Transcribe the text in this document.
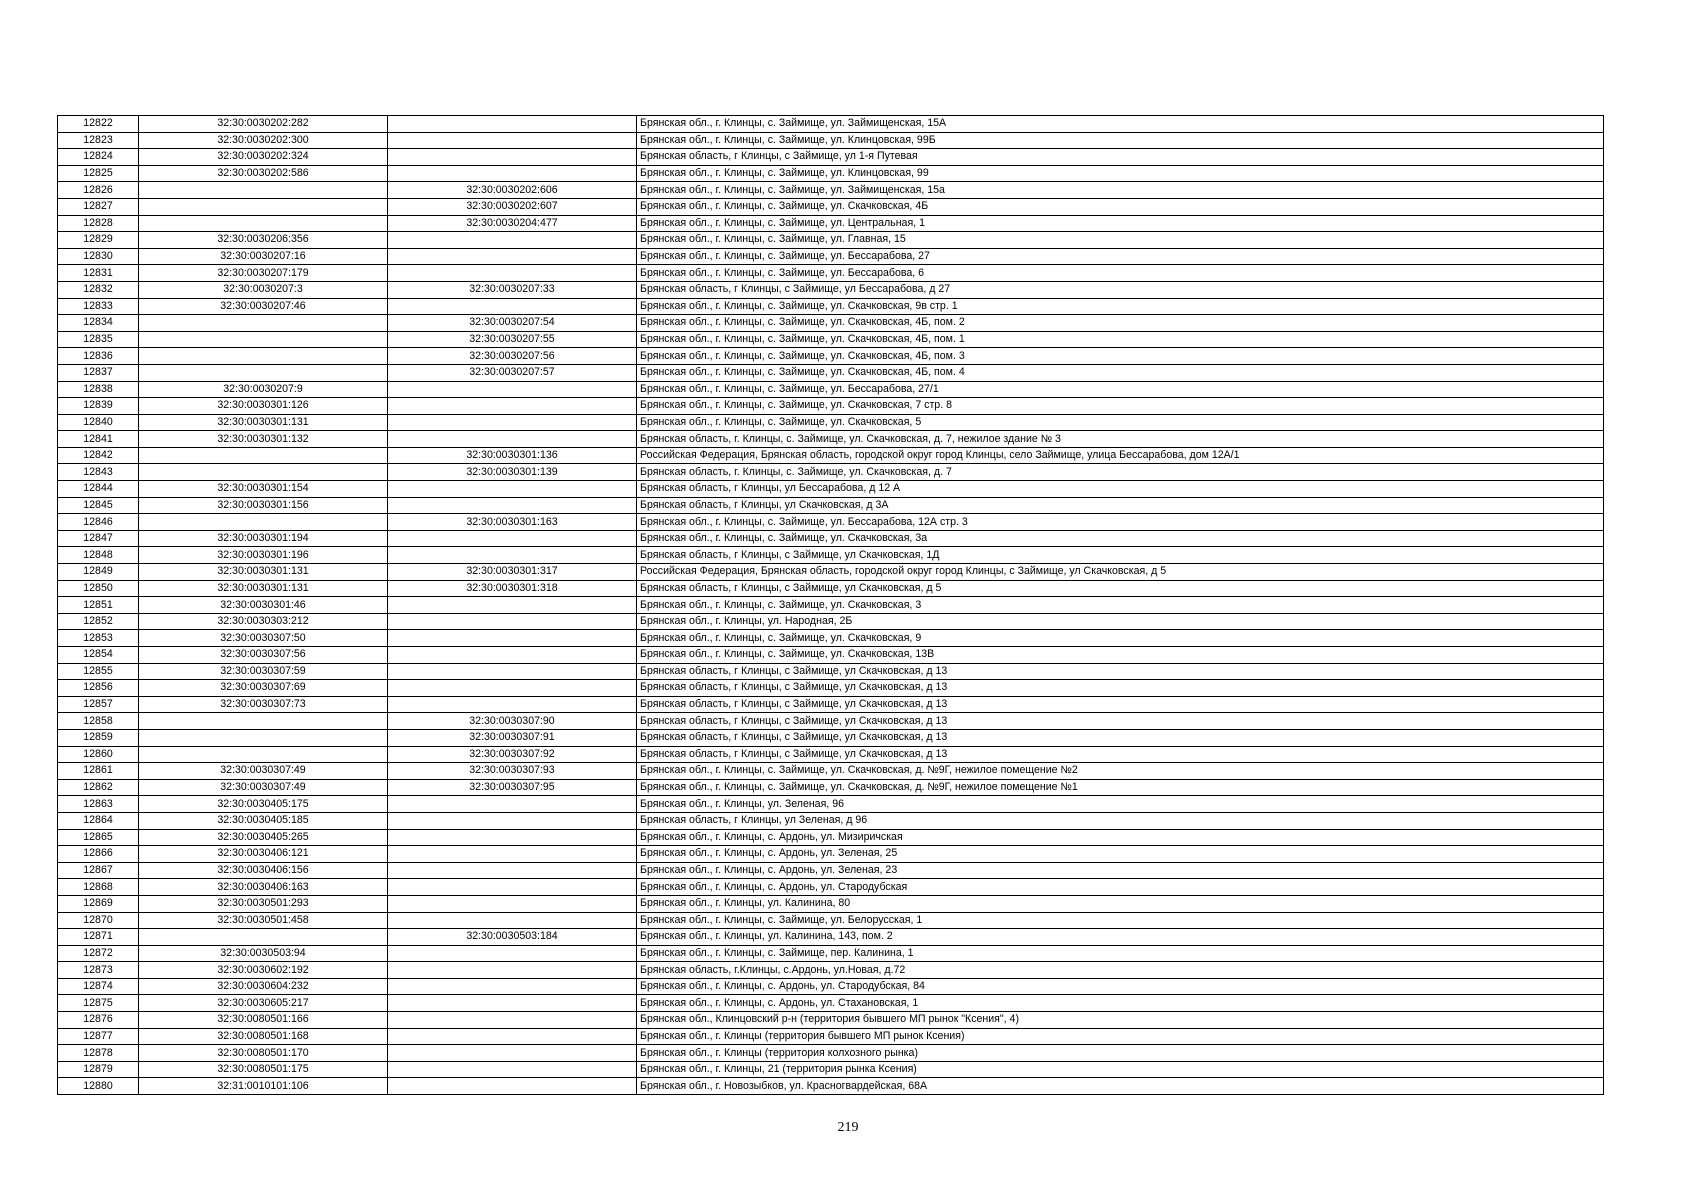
12822	32:30:0030202:282		Брянская обл., г. Клинцы, с. Займище, ул. Займищенская, 15А
12823	32:30:0030202:300		Брянская обл., г. Клинцы, с. Займище, ул. Клинцовская, 99Б
12824	32:30:0030202:324		Брянская область, г Клинцы, с Займище, ул 1-я Путевая
12825	32:30:0030202:586		Брянская обл., г. Клинцы, с. Займище, ул. Клинцовская, 99
12826		32:30:0030202:606	Брянская обл., г. Клинцы, с. Займище, ул. Займищенская, 15а
12827		32:30:0030202:607	Брянская обл., г. Клинцы, с. Займище, ул. Скачковская, 4Б
12828		32:30:0030204:477	Брянская обл., г. Клинцы, с. Займище, ул. Центральная, 1
12829	32:30:0030206:356		Брянская обл., г. Клинцы, с. Займище, ул. Главная, 15
12830	32:30:0030207:16		Брянская обл., г. Клинцы, с. Займище, ул. Бессарабова, 27
12831	32:30:0030207:179		Брянская обл., г. Клинцы, с. Займище, ул. Бессарабова, 6
12832	32:30:0030207:3	32:30:0030207:33	Брянская область, г Клинцы, с Займище, ул Бессарабова, д 27
12833	32:30:0030207:46		Брянская обл., г. Клинцы, с. Займище, ул. Скачковская, 9в стр. 1
12834		32:30:0030207:54	Брянская обл., г. Клинцы, с. Займище, ул. Скачковская, 4Б, пом. 2
12835		32:30:0030207:55	Брянская обл., г. Клинцы, с. Займище, ул. Скачковская, 4Б, пом. 1
12836		32:30:0030207:56	Брянская обл., г. Клинцы, с. Займище, ул. Скачковская, 4Б, пом. 3
12837		32:30:0030207:57	Брянская обл., г. Клинцы, с. Займище, ул. Скачковская, 4Б, пом. 4
12838	32:30:0030207:9		Брянская обл., г. Клинцы, с. Займище, ул. Бессарабова, 27/1
12839	32:30:0030301:126		Брянская обл., г. Клинцы, с. Займище, ул. Скачковская, 7 стр. 8
12840	32:30:0030301:131		Брянская обл., г. Клинцы, с. Займище, ул. Скачковская, 5
12841	32:30:0030301:132		Брянская область, г. Клинцы, с. Займище, ул. Скачковская, д. 7, нежилое здание № 3
12842		32:30:0030301:136	Российская Федерация, Брянская область, городской округ город Клинцы, село Займище, улица Бессарабова, дом 12А/1
12843		32:30:0030301:139	Брянская область, г. Клинцы, с. Займище, ул. Скачковская, д. 7
12844	32:30:0030301:154		Брянская область, г Клинцы, ул Бессарабова, д 12 А
12845	32:30:0030301:156		Брянская область, г Клинцы, ул Скачковская, д 3А
12846		32:30:0030301:163	Брянская обл., г. Клинцы, с. Займище, ул. Бессарабова, 12А стр. 3
12847	32:30:0030301:194		Брянская обл., г. Клинцы, с. Займище, ул. Скачковская, 3а
12848	32:30:0030301:196		Брянская область, г Клинцы, с Займище, ул Скачковская, 1Д
12849	32:30:0030301:131	32:30:0030301:317	Российская Федерация, Брянская область, городской округ город Клинцы, с Займище, ул Скачковская, д 5
12850	32:30:0030301:131	32:30:0030301:318	Брянская область, г Клинцы, с Займище, ул Скачковская, д 5
12851	32:30:0030301:46		Брянская обл., г. Клинцы, с. Займище, ул. Скачковская, 3
12852	32:30:0030303:212		Брянская обл., г. Клинцы, ул. Народная, 2Б
12853	32:30:0030307:50		Брянская обл., г. Клинцы, с. Займище, ул. Скачковская, 9
12854	32:30:0030307:56		Брянская обл., г. Клинцы, с. Займище, ул. Скачковская, 13В
12855	32:30:0030307:59		Брянская область, г Клинцы, с Займище, ул Скачковская, д 13
12856	32:30:0030307:69		Брянская область, г Клинцы, с Займище, ул Скачковская, д 13
12857	32:30:0030307:73		Брянская область, г Клинцы, с Займище, ул Скачковская, д 13
12858		32:30:0030307:90	Брянская область, г Клинцы, с Займище, ул Скачковская, д 13
12859		32:30:0030307:91	Брянская область, г Клинцы, с Займище, ул Скачковская, д 13
12860		32:30:0030307:92	Брянская область, г Клинцы, с Займище, ул Скачковская, д 13
12861	32:30:0030307:49	32:30:0030307:93	Брянская обл., г. Клинцы, с. Займище, ул. Скачковская, д. №9Г, нежилое помещение №2
12862	32:30:0030307:49	32:30:0030307:95	Брянская обл., г. Клинцы, с. Займище, ул. Скачковская, д. №9Г, нежилое помещение №1
12863	32:30:0030405:175		Брянская обл., г. Клинцы, ул. Зеленая, 96
12864	32:30:0030405:185		Брянская область, г Клинцы, ул Зеленая, д 96
12865	32:30:0030405:265		Брянская обл., г. Клинцы, с. Ардонь, ул. Мизиричская
12866	32:30:0030406:121		Брянская обл., г. Клинцы, с. Ардонь, ул. Зеленая, 25
12867	32:30:0030406:156		Брянская обл., г. Клинцы, с. Ардонь, ул. Зеленая, 23
12868	32:30:0030406:163		Брянская обл., г. Клинцы, с. Ардонь, ул. Стародубская
12869	32:30:0030501:293		Брянская обл., г. Клинцы, ул. Калинина, 80
12870	32:30:0030501:458		Брянская обл., г. Клинцы, с. Займище, ул. Белорусская, 1
12871		32:30:0030503:184	Брянская обл., г. Клинцы, ул. Калинина, 143, пом. 2
12872	32:30:0030503:94		Брянская обл., г. Клинцы, с. Займище, пер. Калинина, 1
12873	32:30:0030602:192		Брянская область, г.Клинцы, с.Ардонь, ул.Новая, д.72
12874	32:30:0030604:232		Брянская обл., г. Клинцы, с. Ардонь, ул. Стародубская, 84
12875	32:30:0030605:217		Брянская обл., г. Клинцы, с. Ардонь, ул. Стахановская, 1
12876	32:30:0080501:166		Брянская обл., Клинцовский р-н (территория бывшего МП рынок "Ксения", 4)
12877	32:30:0080501:168		Брянская обл., г. Клинцы (территория бывшего МП рынок Ксения)
12878	32:30:0080501:170		Брянская обл., г. Клинцы (территория колхозного рынка)
12879	32:30:0080501:175		Брянская обл., г. Клинцы, 21 (территория рынка Ксения)
12880	32:31:0010101:106		Брянская обл., г. Новозыбков, ул. Красногвардейская, 68А
219
